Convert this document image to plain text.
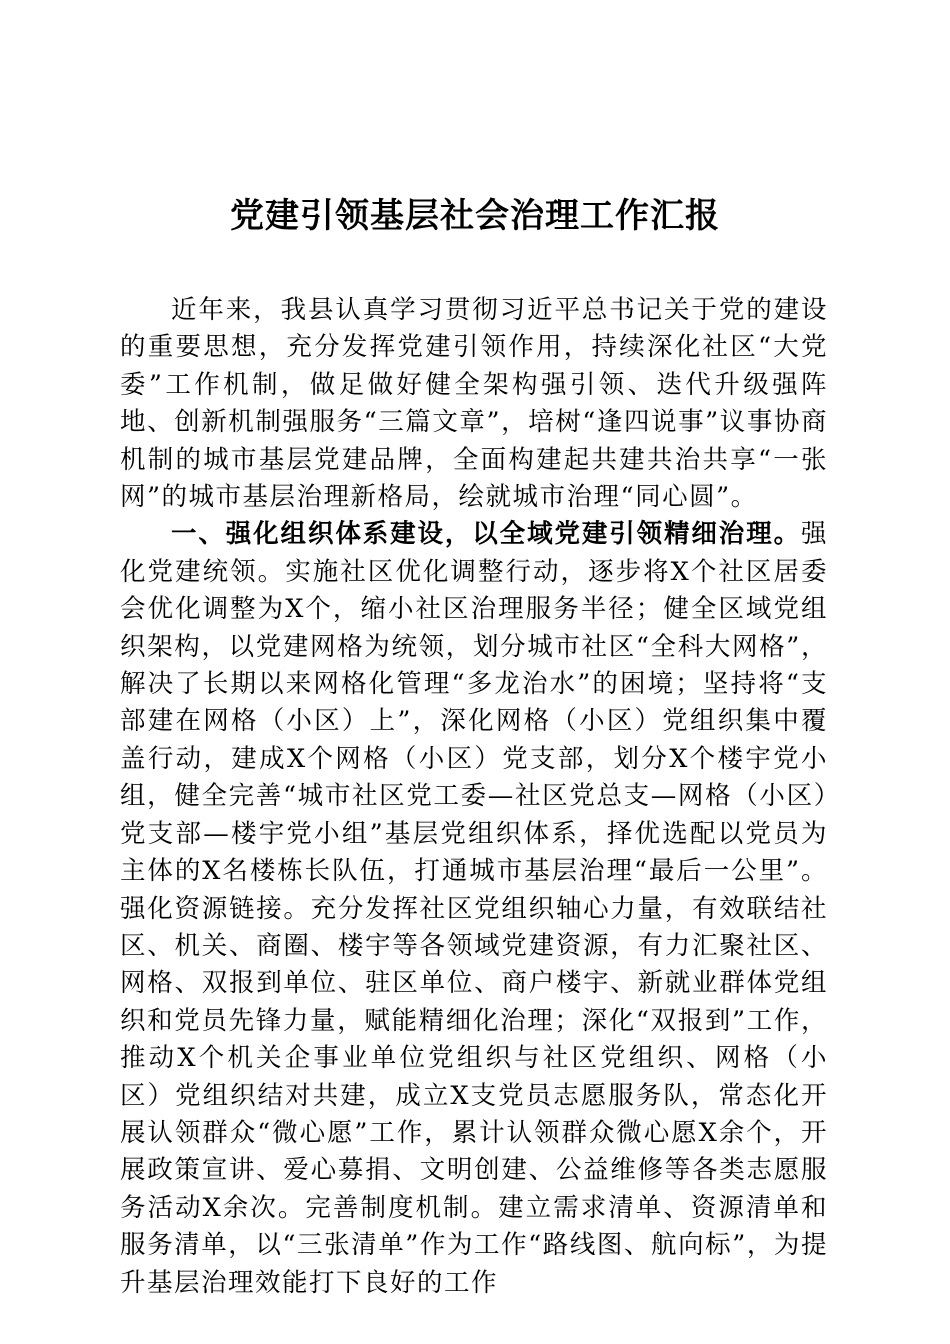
党建引领基层社会治理工作汇报

近年来，我县认真学习贯彻习近平总书记关于党的建设的重要思想，充分发挥党建引领作用，持续深化社区“大党委”工作机制，做足做好健全架构强引领、迭代升级强阵地、创新机制强服务“三篇文章”，培树“逢四说事”议事协商机制的城市基层党建品牌，全面构建起共建共治共享“一张网”的城市基层治理新格局，绘就城市治理“同心圆”。

一、强化组织体系建设，以全域党建引领精细治理。强化党建统领。实施社区优化调整行动，逐步将X个社区居委会优化调整为X个，缩小社区治理服务半径；健全区域党组织架构，以党建网格为统领，划分城市社区“全科大网格”，解决了长期以来网格化管理“多龙治水”的困境；坚持将“支部建在网格（小区）上”，深化网格（小区）党组织集中覆盖行动，建成X个网格（小区）党支部，划分X个楼宇党小组，健全完善“城市社区党工委—社区党总支—网格（小区）党支部—楼宇党小组”基层党组织体系，择优选配以党员为主体的X名楼栋长队伍，打通城市基层治理“最后一公里”。强化资源链接。充分发挥社区党组织轴心力量，有效联结社区、机关、商圈、楼宇等各领域党建资源，有力汇聚社区、网格、双报到单位、驻区单位、商户楼宇、新就业群体党组织和党员先锋力量，赋能精细化治理；深化“双报到”工作，推动X个机关企事业单位党组织与社区党组织、网格（小区）党组织结对共建，成立X支党员志愿服务队，常态化开展认领群众“微心愿”工作，累计认领群众微心愿X余个，开展政策宣讲、爱心募捐、文明创建、公益维修等各类志愿服务活动X余次。完善制度机制。建立需求清单、资源清单和服务清单，以“三张清单”作为工作“路线图、航向标”，为提升基层治理效能打下良好的工作
